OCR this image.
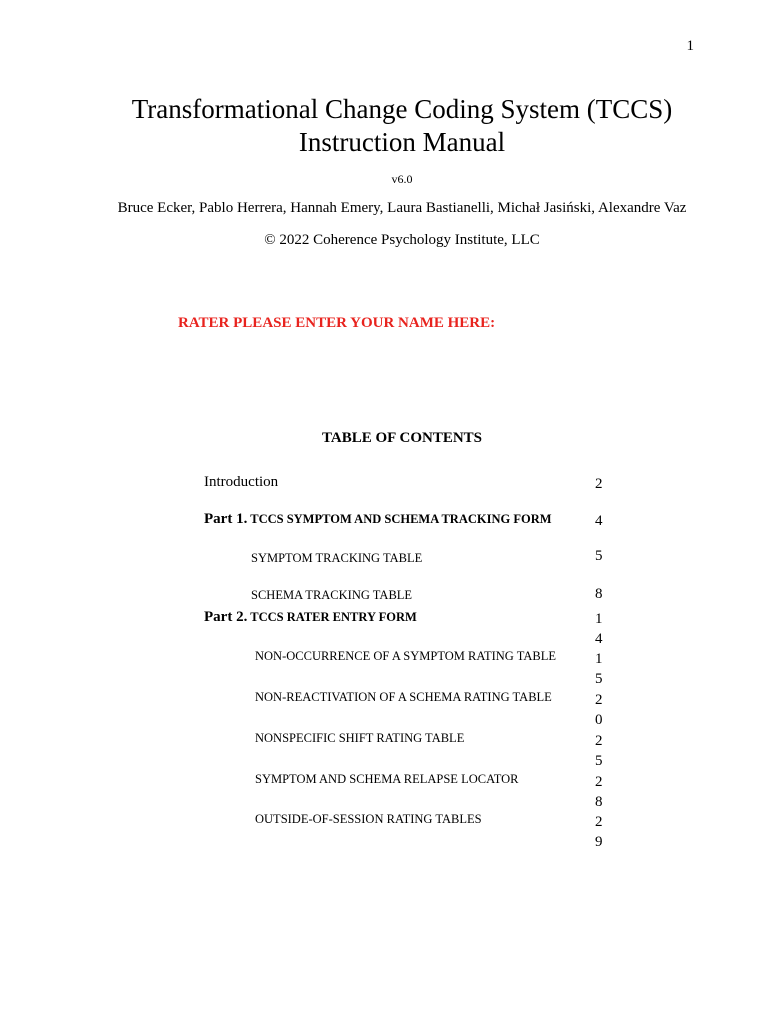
1
Transformational Change Coding System (TCCS)
Instruction Manual
v6.0
Bruce Ecker, Pablo Herrera, Hannah Emery, Laura Bastianelli, Michał Jasiński, Alexandre Vaz
© 2022 Coherence Psychology Institute, LLC
RATER PLEASE ENTER YOUR NAME HERE:
TABLE OF CONTENTS
Introduction	2
Part 1. TCCS SYMPTOM AND SCHEMA TRACKING FORM	4
SYMPTOM TRACKING TABLE	5
SCHEMA TRACKING TABLE	8
Part 2. TCCS RATER ENTRY FORM	14
NON-OCCURRENCE OF A SYMPTOM RATING TABLE	15
NON-REACTIVATION OF A SCHEMA RATING TABLE	20
NONSPECIFIC SHIFT RATING TABLE	25
SYMPTOM AND SCHEMA RELAPSE LOCATOR	28
OUTSIDE-OF-SESSION RATING TABLES	29
